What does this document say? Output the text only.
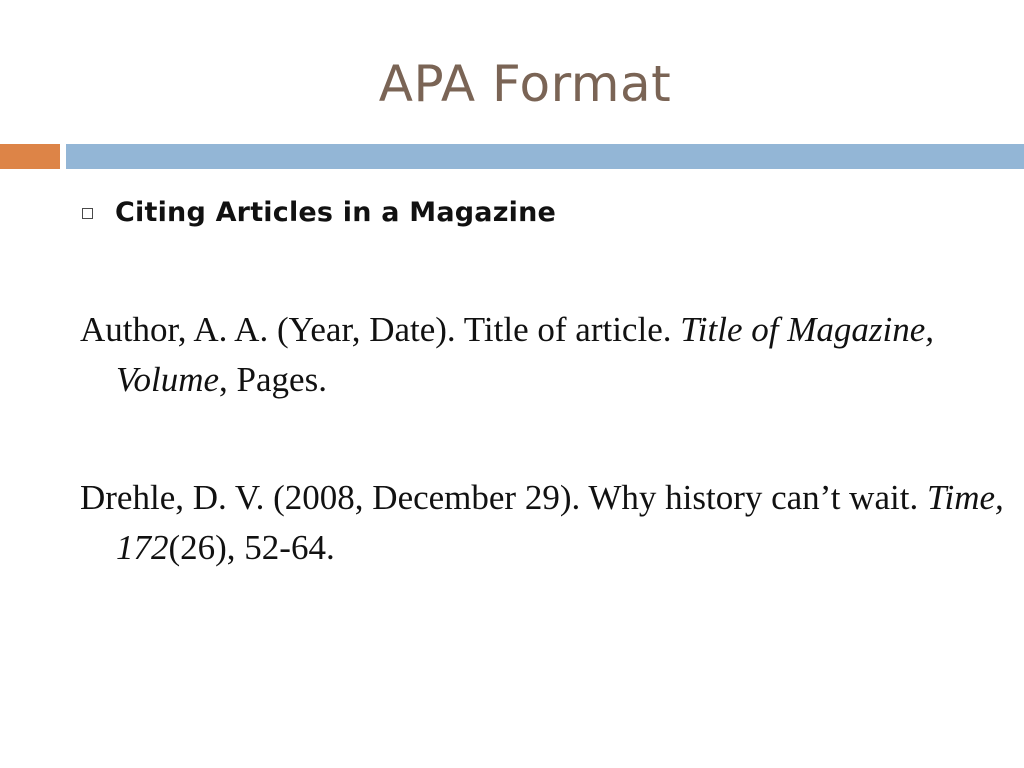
APA Format
Citing Articles in a Magazine
Author, A. A. (Year, Date). Title of article. Title of Magazine, Volume, Pages.
Drehle, D. V. (2008, December 29). Why history can’t wait. Time, 172(26), 52-64.
